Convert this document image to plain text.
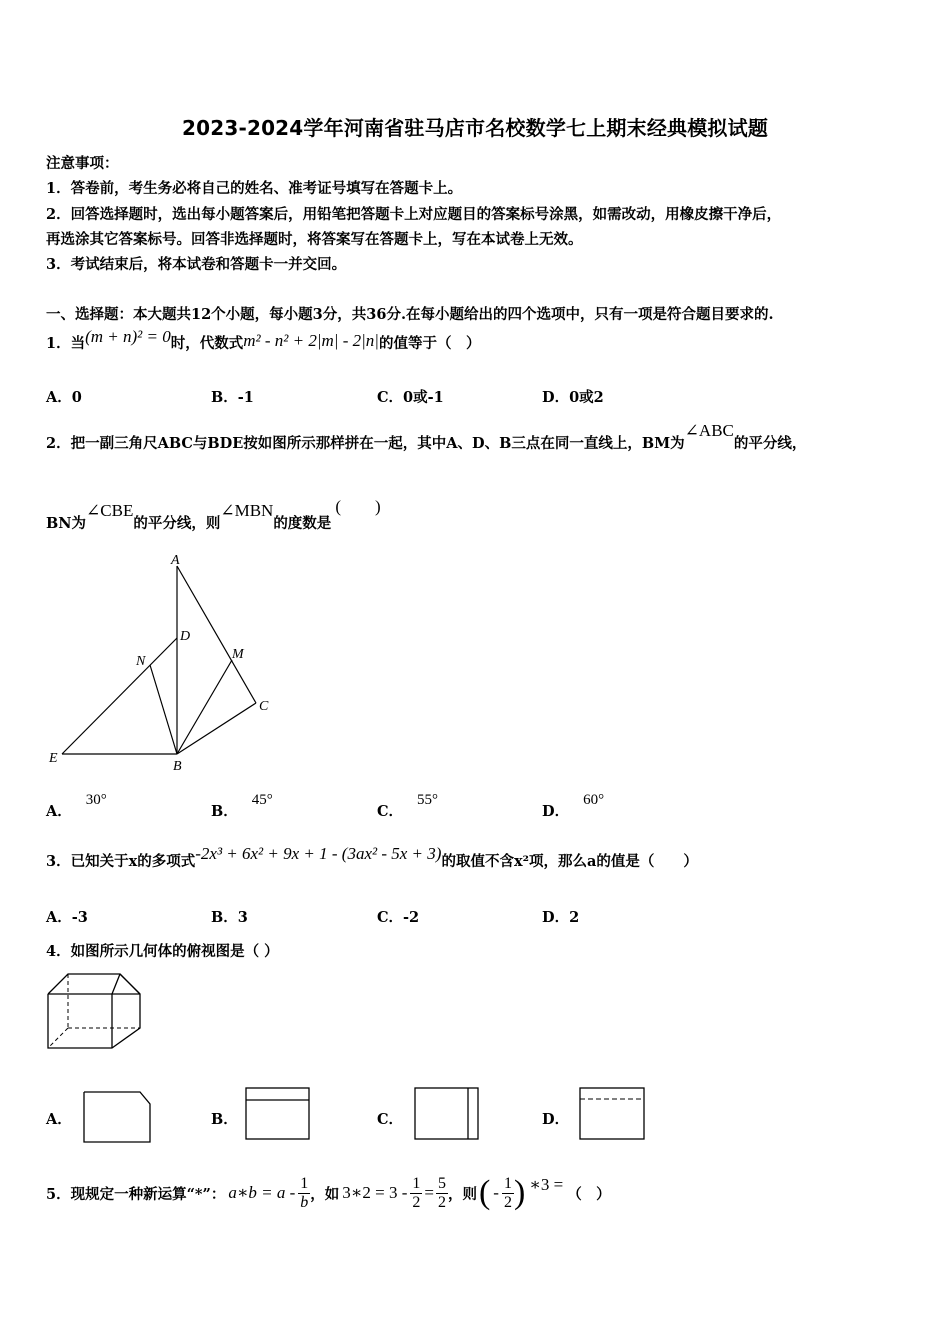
2023-2024学年河南省驻马店市名校数学七上期末经典模拟试题
注意事项：
1．答卷前，考生务必将自己的姓名、准考证号填写在答题卡上。
2．回答选择题时，选出每小题答案后，用铅笔把答题卡上对应题目的答案标号涂黑，如需改动，用橡皮擦干净后，
再选涂其它答案标号。回答非选择题时，将答案写在答题卡上，写在本试卷上无效。
3．考试结束后，将本试卷和答题卡一并交回。
一、选择题：本大题共12个小题，每小题3分，共36分.在每小题给出的四个选项中，只有一项是符合题目要求的.
1．当(m + n)² = 0时，代数式m² - n² + 2|m| - 2|n|的值等于（　）
A．0	B．-1	C．0或-1	D．0或2
2．把一副三角尺ABC与BDE按如图所示那样拼在一起，其中A、D、B三点在同一直线上，BM为∠ABC的平分线，
BN为∠CBE的平分线，则∠MBN的度数是(　　)
A
D
N	M
C
E
B
A．30°
B．45°
C．55°
D．60°
3．已知关于x的多项式-2x³ + 6x² + 9x + 1 - (3ax² - 5x + 3)的取值不含x²项，那么a的值是（　　）
A．-3	B．3	C．-2	D．2
4．如图所示几何体的俯视图是（ ）
A．	B．	C．	D．
5．现规定一种新运算“*”： a∗b = a - $\frac{1}{b}$ ，如 3∗2 = $3 - \frac{1}{2} = \frac{5}{2}$ ，则 ( - $\frac{1}{2}$ ) ∗3 = （　）
